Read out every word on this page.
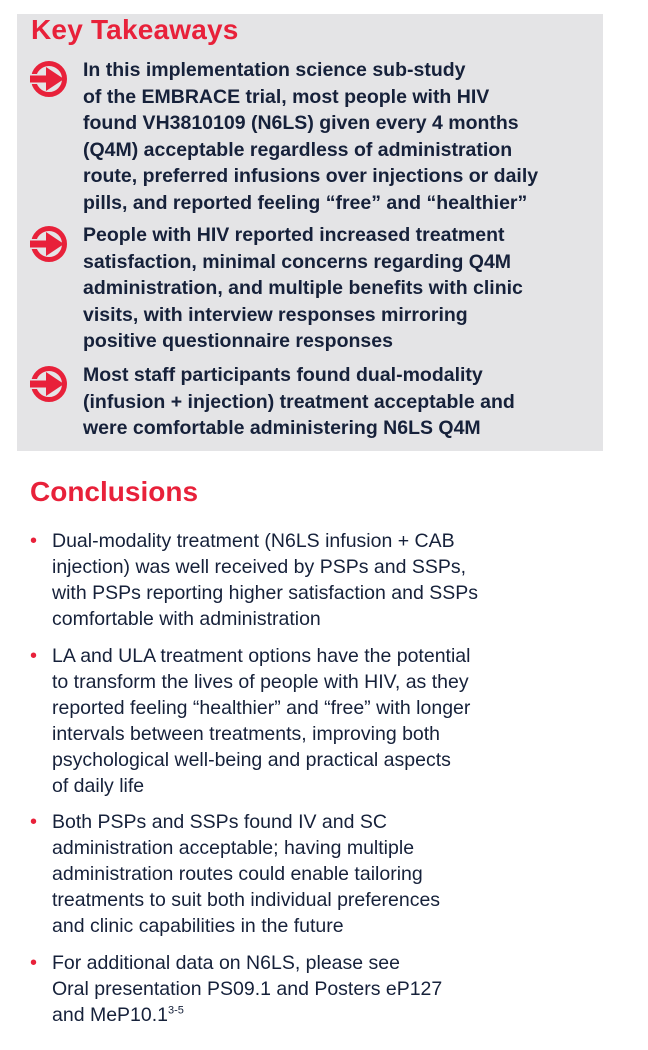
Key Takeaways
In this implementation science sub-study
of the EMBRACE trial, most people with HIV
found VH3810109 (N6LS) given every 4 months
(Q4M) acceptable regardless of administration
route, preferred infusions over injections or daily
pills, and reported feeling “free” and “healthier”
People with HIV reported increased treatment
satisfaction, minimal concerns regarding Q4M
administration, and multiple benefits with clinic
visits, with interview responses mirroring
positive questionnaire responses
Most staff participants found dual-modality
(infusion + injection) treatment acceptable and
were comfortable administering N6LS Q4M
Conclusions
• Dual-modality treatment (N6LS infusion + CAB
injection) was well received by PSPs and SSPs,
with PSPs reporting higher satisfaction and SSPs
comfortable with administration
• LA and ULA treatment options have the potential
to transform the lives of people with HIV, as they
reported feeling “healthier” and “free” with longer
intervals between treatments, improving both
psychological well-being and practical aspects
of daily life
• Both PSPs and SSPs found IV and SC
administration acceptable; having multiple
administration routes could enable tailoring
treatments to suit both individual preferences
and clinic capabilities in the future
• For additional data on N6LS, please see
Oral presentation PS09.1 and Posters eP127
and MeP10.1$^{3-5}$
